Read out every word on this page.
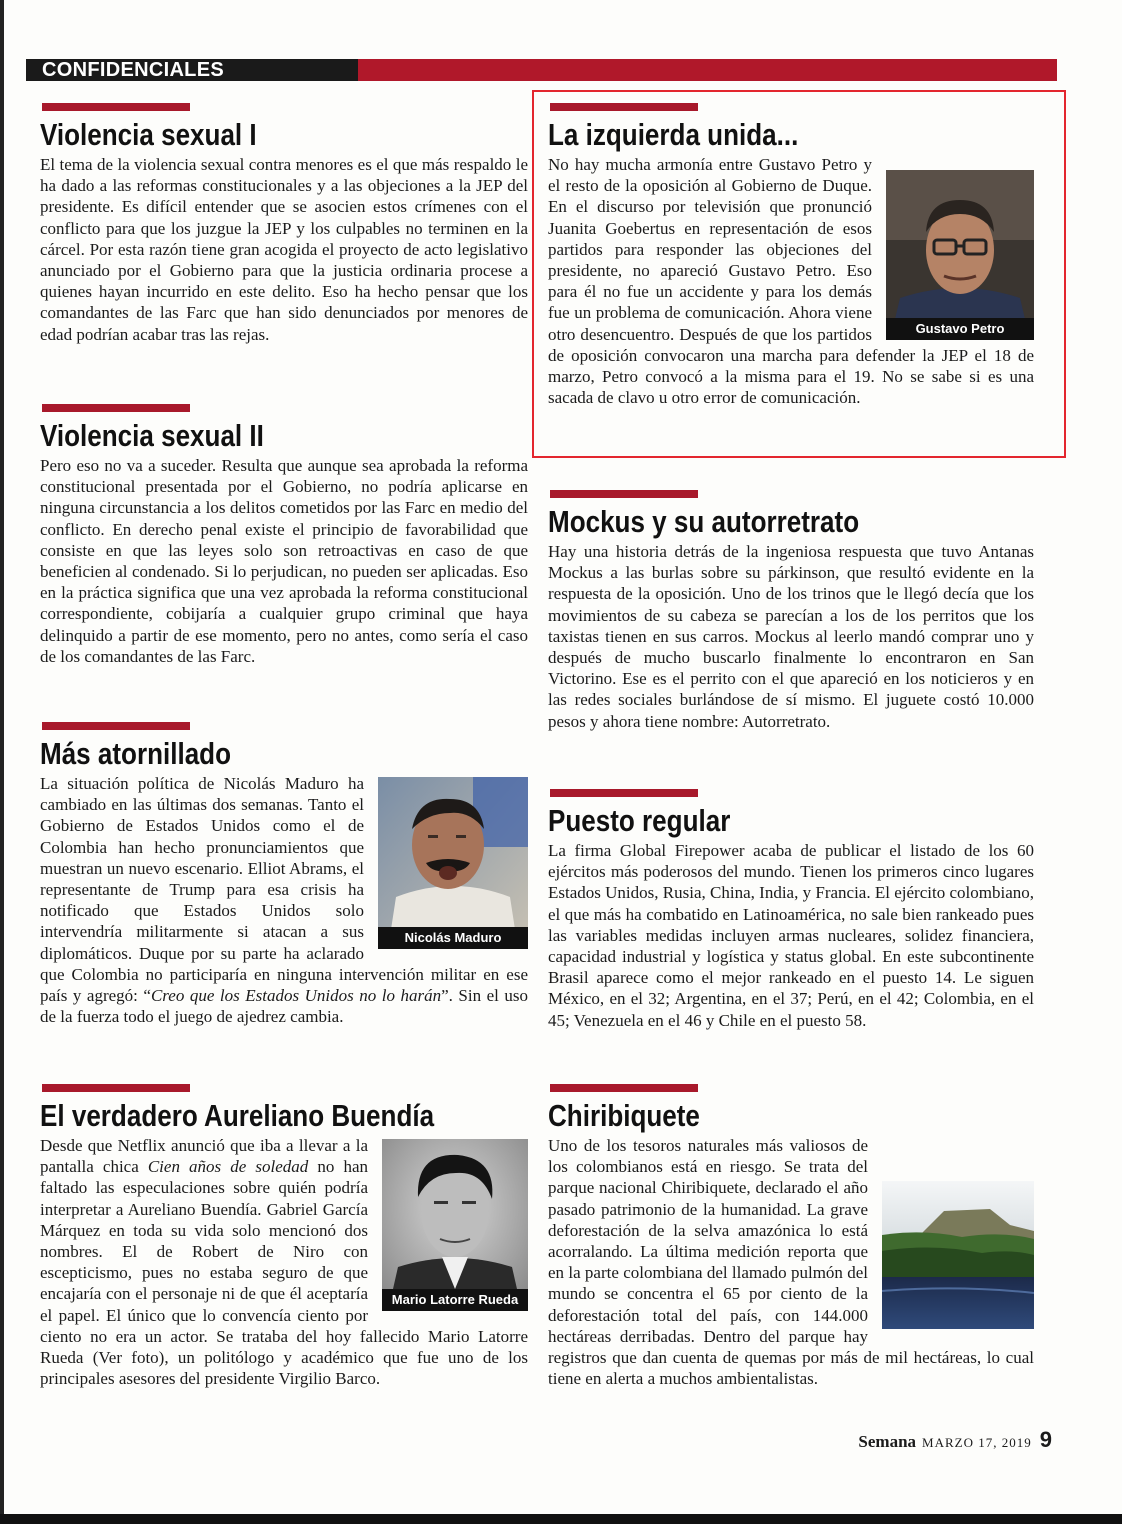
CONFIDENCIALES
Violencia sexual I

El tema de la violencia sexual contra menores es el que más respaldo le ha dado a las reformas constitucionales y a las objeciones a la JEP del presidente. Es difícil entender que se asocien estos crímenes con el conflicto para que los juzgue la JEP y los culpables no terminen en la cárcel. Por esta razón tiene gran acogida el proyecto de acto legislativo anunciado por el Gobierno para que la justicia ordinaria procese a quienes hayan incurrido en este delito. Eso ha hecho pensar que los comandantes de las Farc que han sido denunciados por menores de edad podrían acabar tras las rejas.

Violencia sexual II

Pero eso no va a suceder. Resulta que aunque sea aprobada la reforma constitucional presentada por el Gobierno, no podría aplicarse en ninguna circunstancia a los delitos cometidos por las Farc en medio del conflicto. En derecho penal existe el principio de favorabilidad que consiste en que las leyes solo son retroactivas en caso de que beneficien al condenado. Si lo perjudican, no pueden ser aplicadas. Eso en la práctica significa que una vez aprobada la reforma constitucional correspondiente, cobijaría a cualquier grupo criminal que haya delinquido a partir de ese momento, pero no antes, como sería el caso de los comandantes de las Farc.

Más atornillado
Nicolás Maduro

La situación política de Nicolás Maduro ha cambiado en las últimas dos semanas. Tanto el Gobierno de Estados Unidos como el de Colombia han hecho pronunciamientos que muestran un nuevo escenario. Elliot Abrams, el representante de Trump para esa crisis ha notificado que Estados Unidos solo intervendría militarmente si atacan a sus diplomáticos. Duque por su parte ha aclarado que Colombia no participaría en ninguna intervención militar en ese país y agregó: “Creo que los Estados Unidos no lo harán”. Sin el uso de la fuerza todo el juego de ajedrez cambia.

El verdadero Aureliano Buendía
Mario Latorre Rueda

Desde que Netflix anunció que iba a llevar a la pantalla chica Cien años de soledad no han faltado las especulaciones sobre quién podría interpretar a Aureliano Buendía. Gabriel García Márquez en toda su vida solo mencionó dos nombres. El de Robert de Niro con escepticismo, pues no estaba seguro de que encajaría con el personaje ni de que él aceptaría el papel. El único que lo convencía ciento por ciento no era un actor. Se trataba del hoy fallecido Mario Latorre Rueda (Ver foto), un politólogo y académico que fue uno de los principales asesores del presidente Virgilio Barco.

La izquierda unida...
Gustavo Petro

No hay mucha armonía entre Gustavo Petro y el resto de la oposición al Gobierno de Duque. En el discurso por televisión que pronunció Juanita Goebertus en representación de esos partidos para responder las objeciones del presidente, no apareció Gustavo Petro. Eso para él no fue un accidente y para los demás fue un problema de comunicación. Ahora viene otro desencuentro. Después de que los partidos de oposición convocaron una marcha para defender la JEP el 18 de marzo, Petro convocó a la misma para el 19. No se sabe si es una sacada de clavo u otro error de comunicación.

Mockus y su autorretrato

Hay una historia detrás de la ingeniosa respuesta que tuvo Antanas Mockus a las burlas sobre su párkinson, que resultó evidente en la respuesta de la oposición. Uno de los trinos que le llegó decía que los movimientos de su cabeza se parecían a los de los perritos que los taxistas tienen en sus carros. Mockus al leerlo mandó comprar uno y después de mucho buscarlo finalmente lo encontraron en San Victorino. Ese es el perrito con el que apareció en los noticieros y en las redes sociales burlándose de sí mismo. El juguete costó 10.000 pesos y ahora tiene nombre: Autorretrato.

Puesto regular

La firma Global Firepower acaba de publicar el listado de los 60 ejércitos más poderosos del mundo. Tienen los primeros cinco lugares Estados Unidos, Rusia, China, India, y Francia. El ejército colombiano, el que más ha combatido en Latinoamérica, no sale bien rankeado pues las variables medidas incluyen armas nucleares, solidez financiera, capacidad industrial y logística y status global. En este subcontinente Brasil aparece como el mejor rankeado en el puesto 14. Le siguen México, en el 32; Argentina, en el 37; Perú, en el 42; Colombia, en el 45; Venezuela en el 46 y Chile en el puesto 58.

Chiribiquete

Uno de los tesoros naturales más valiosos de los colombianos está en riesgo. Se trata del parque nacional Chiribiquete, declarado el año pasado patrimonio de la humanidad. La grave deforestación de la selva amazónica lo está acorralando. La última medición reporta que en la parte colombiana del llamado pulmón del mundo se concentra el 65 por ciento de la deforestación total del país, con 144.000 hectáreas derribadas. Dentro del parque hay registros que dan cuenta de quemas por más de mil hectáreas, lo cual tiene en alerta a muchos ambientalistas.

Semana MARZO 17, 2019 9
